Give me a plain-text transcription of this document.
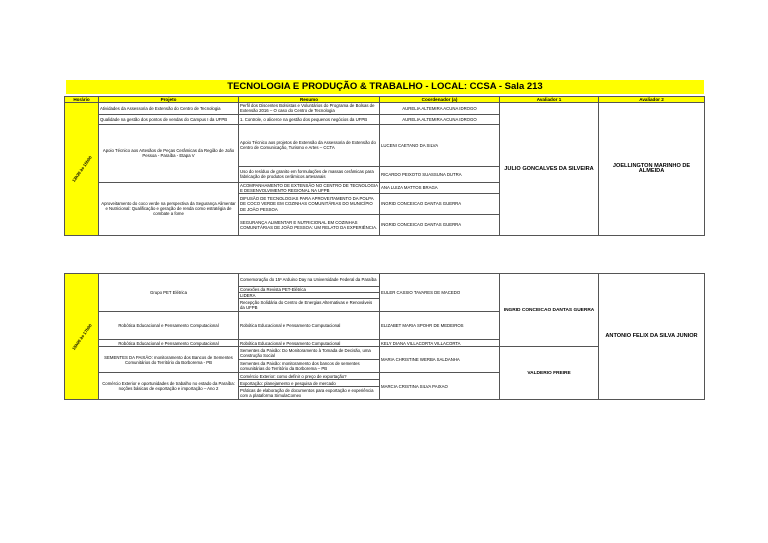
TECNOLOGIA E PRODUÇÃO & TRABALHO - LOCAL: CCSA - Sala 213
Horário	Projeto	Resumo	Coordenador (a)	Avaliador 1	Avaliador 2

13h30 às 15h00	Atividades da Assessoria de Extensão do Centro de Tecnologia	Perfil dos Discentes Bolsistas e Voluntários do Programa de Bolsas de Extensão 2016 – O caso do Centro de Tecnologia	AURELIA ALTEMIRA ACUNA IDROGO	JULIO GONCALVES DA SILVEIRA	JOELLINGTON MARINHO DE ALMEIDA
	Qualidade na gestão dos pontos de vendas do Campus I da UFPB	1. Controle, o alicerce na gestão dos pequenos negócios da UFPB	AURELIA ALTEMIRA ACUNA IDROGO		
	Apoio Técnico aos Artesãos de Peças Cerâmicas da Região de João Pessoa - Paraíba - Etapa V	Apoio Técnico aos projetos de Extensão da Assessoria de Extensão do Centro de Comunicação, Turismo e Artes – CCTA	LUCENI CAETANO DA SILVA		
		Uso do resíduo de granito em formulações de massas cerâmicas para fabricação de produtos cerâmicos artesanais	RICARDO PEIXOTO SUASSUNA DUTRA		
	Aproveitamento do coco verde na perspectiva da Segurança Alimentar e Nutricional: Qualificação e geração de renda como estratégia de combate a fome	ACOMPANHAMENTO DE EXTENSÃO NO CENTRO DE TECNOLOGIA E DESENVOLVIMENTO REGIONAL NA UFPB	ANA LUIZA MATTOS BRAGA		
		DIFUSÃO DE TECNOLOGIAS PARA APROVEITAMENTO DA POLPA DE COCO VERDE EM COZINHAS COMUNITÁRIAS DO MUNICÍPIO DE JOÃO PESSOA	INGRID CONCEICAO DANTAS GUERRA		
		SEGURANÇA ALIMENTAR E NUTRICIONAL EM COZINHAS COMUNITÁRIAS DE JOÃO PESSOA: UM RELATO DA EXPERIÊNCIA.	INGRID CONCEICAO DANTAS GUERRA		
15h00 às 17h00	Grupo PET Elétrica	Comemoração do 15º Arduino Day na Universidade Federal da Paraíba	EULER CASSIO TAVARES DE MACEDO	INGRID CONCEICAO DANTAS GUERRA	ANTONIO FELIX DA SILVA JUNIOR
		Conexões da Revista PET-Elétrica			
		LIDERA			
		Recepção Solidária do Centro de Energias Alternativas e Renováveis da UFPB			
	Robótica Educacional e Pensamento Computacional	Robótica Educacional e Pensamento Computacional	ELIZABET MARIA SPOHR DE MEDEIROS		
	Robótica Educacional e Pensamento Computacional	Robótica Educacional e Pensamento Computacional	KELY DIANA VILLACORTA VILLACORTA		
	SEMENTES DA PAIXÃO: monitoramento dos Bancos de Sementes Comunitários do Território da Borborema - PB	Sementes da Paixão: Do Monitoramento à Tomada de Decisão, uma Construção Social	MARIA CHRISTINE WERBA SALDANHA	VALDERIO FREIRE	
		Sementes da Paixão: monitoramento dos bancos de sementes comunitárias do Território da Borborema – PB			
	Comércio Exterior e oportunidades de trabalho no estado da Paraíba: noções básicas de exportação e importação – Ano 2	Comércio Exterior: como definir o preço de exportação?	MARCIA CRISTINA SILVA PAIXAO		
		Exportação: planejamento e pesquisa de mercado			
		Práticas de elaboração de documentos para exportação e experiência com a plataforma SimulaComex			
